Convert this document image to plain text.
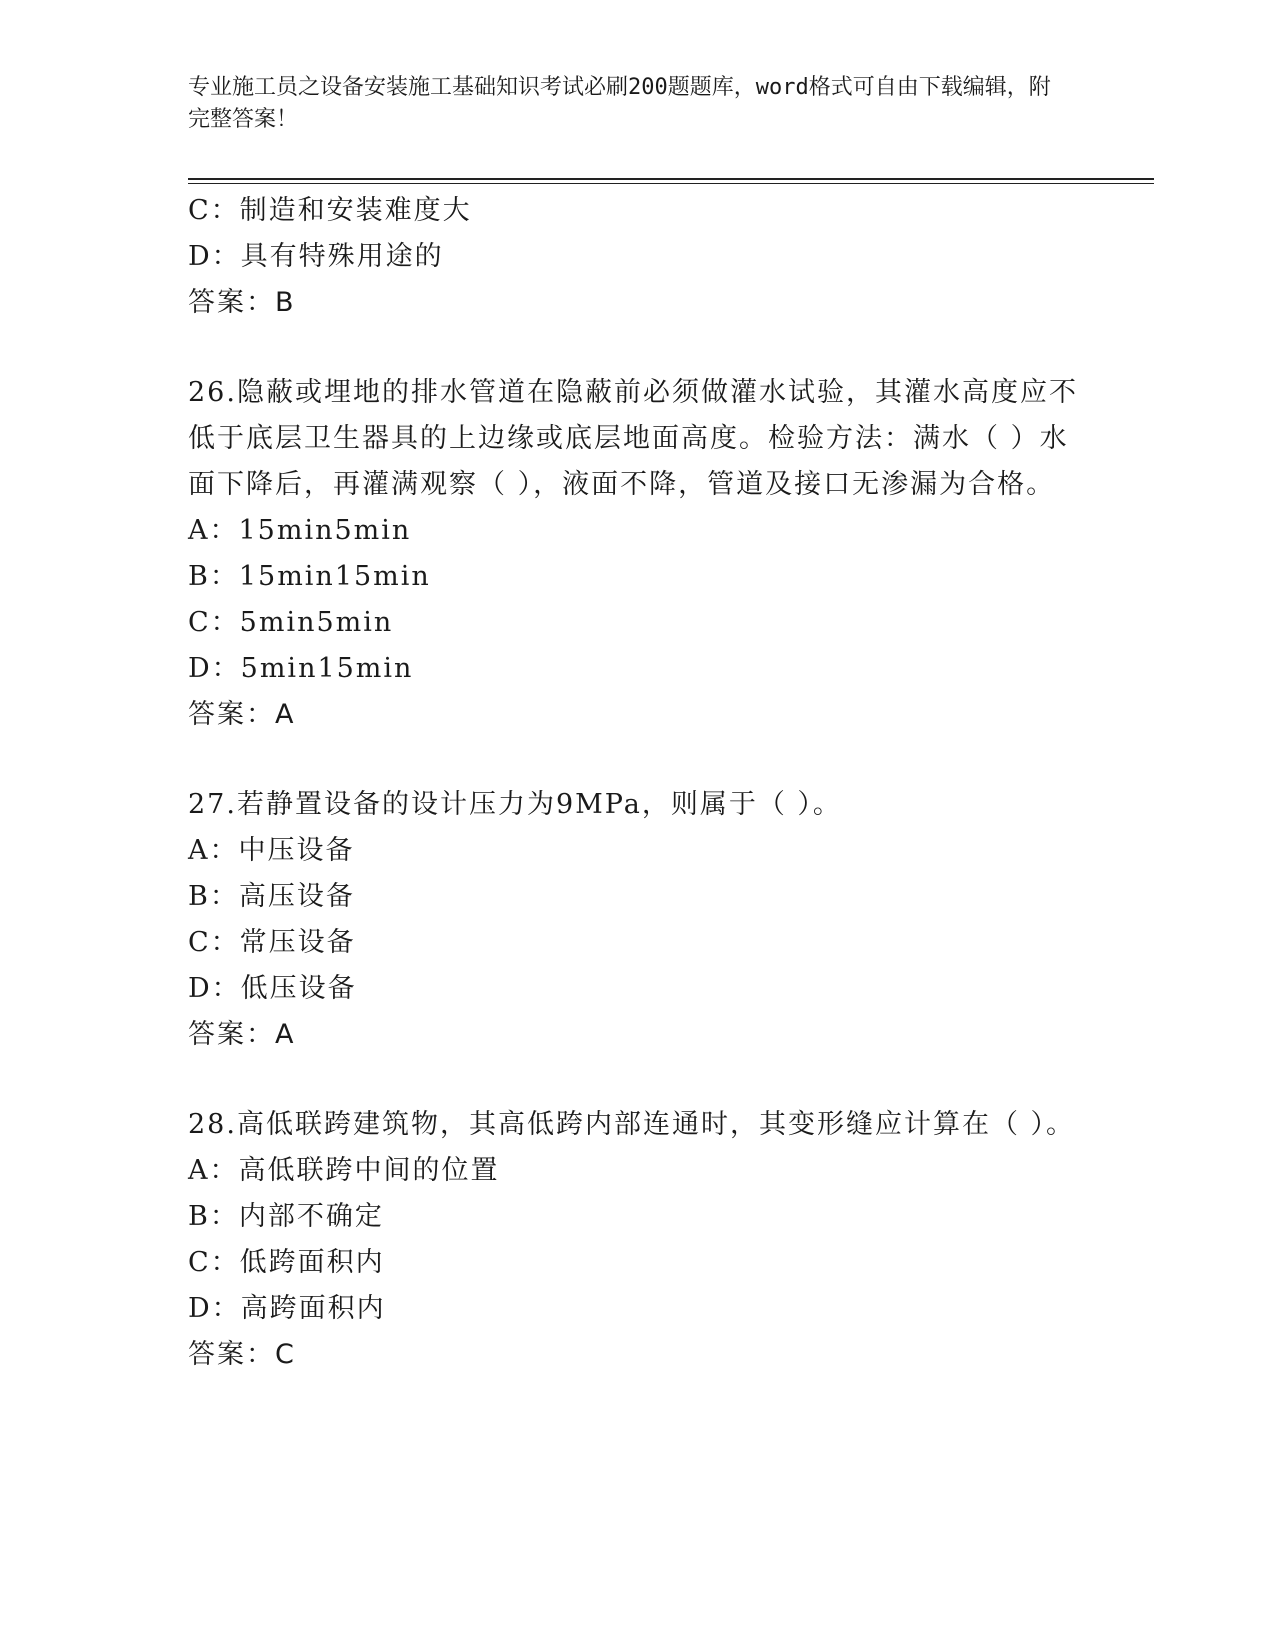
专业施工员之设备安装施工基础知识考试必刷200题题库，word格式可自由下载编辑，附完整答案！
C：制造和安装难度大
D：具有特殊用途的
答案：B
26.隐蔽或埋地的排水管道在隐蔽前必须做灌水试验，其灌水高度应不低于底层卫生器具的上边缘或底层地面高度。检验方法：满水（ ）水面下降后，再灌满观察（ ），液面不降，管道及接口无渗漏为合格。
A：15min5min
B：15min15min
C：5min5min
D：5min15min
答案：A
27.若静置设备的设计压力为9MPa，则属于（ ）。
A：中压设备
B：高压设备
C：常压设备
D：低压设备
答案：A
28.高低联跨建筑物，其高低跨内部连通时，其变形缝应计算在（ ）。
A：高低联跨中间的位置
B：内部不确定
C：低跨面积内
D：高跨面积内
答案：C
